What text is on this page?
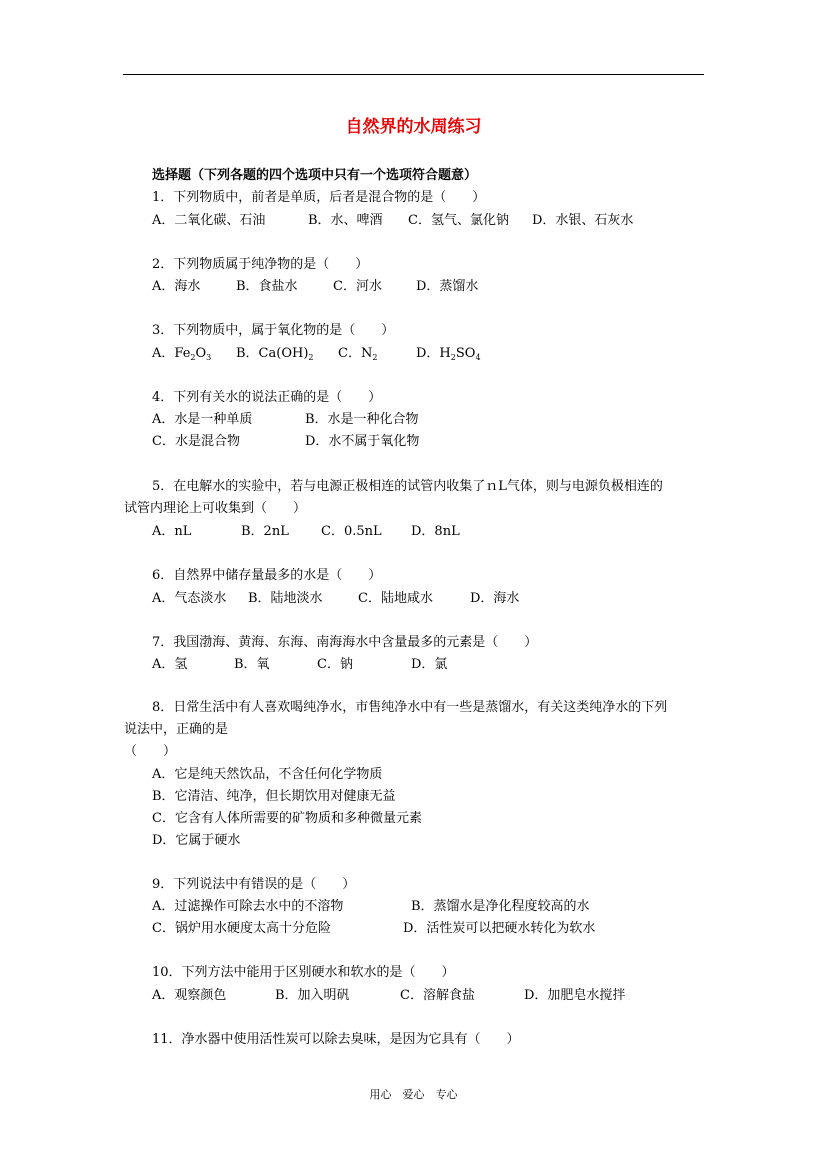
自然界的水周练习
选择题（下列各题的四个选项中只有一个选项符合题意）
1．下列物质中，前者是单质，后者是混合物的是（　　）
A．二氧化碳、石油	B．水、啤酒 C．氢气、氯化钠 D．水银、石灰水
2．下列物质属于纯净物的是（　　）
A．海水	B．食盐水	C．河水	D．蒸馏水
3．下列物质中，属于氧化物的是（　　）
A．$Fe_2O_3$ B．$Ca(OH)_2$ C．$N_2$	D．$H_2SO_4$
4．下列有关水的说法正确的是（　　）
A．水是一种单质	B．水是一种化合物
C．水是混合物	D．水不属于氧化物
5．在电解水的实验中，若与电源正极相连的试管内收集了ｎL气体，则与电源负极相连的
试管内理论上可收集到（　　）
A．nL	B．2nL C．0.5nL D．8nL
6．自然界中储存量最多的水是（　　）
A．气态淡水 B．陆地淡水	C．陆地咸水	D．海水
7．我国渤海、黄海、东海、南海海水中含量最多的元素是（　　）
A．氢	B．氧	C．钠	D．氯
8．日常生活中有人喜欢喝纯净水，市售纯净水中有一些是蒸馏水，有关这类纯净水的下列
说法中，正确的是
（　　）
A．它是纯天然饮品，不含任何化学物质
B．它清洁、纯净，但长期饮用对健康无益
C．它含有人体所需要的矿物质和多种微量元素
D．它属于硬水
9．下列说法中有错误的是（　　）
A．过滤操作可除去水中的不溶物	B．蒸馏水是净化程度较高的水
C．锅炉用水硬度太高十分危险	D．活性炭可以把硬水转化为软水
10．下列方法中能用于区别硬水和软水的是（　　）
A．观察颜色	B．加入明矾	C．溶解食盐	D．加肥皂水搅拌
11．净水器中使用活性炭可以除去臭味，是因为它具有（　　）
用心　爱心　专心
